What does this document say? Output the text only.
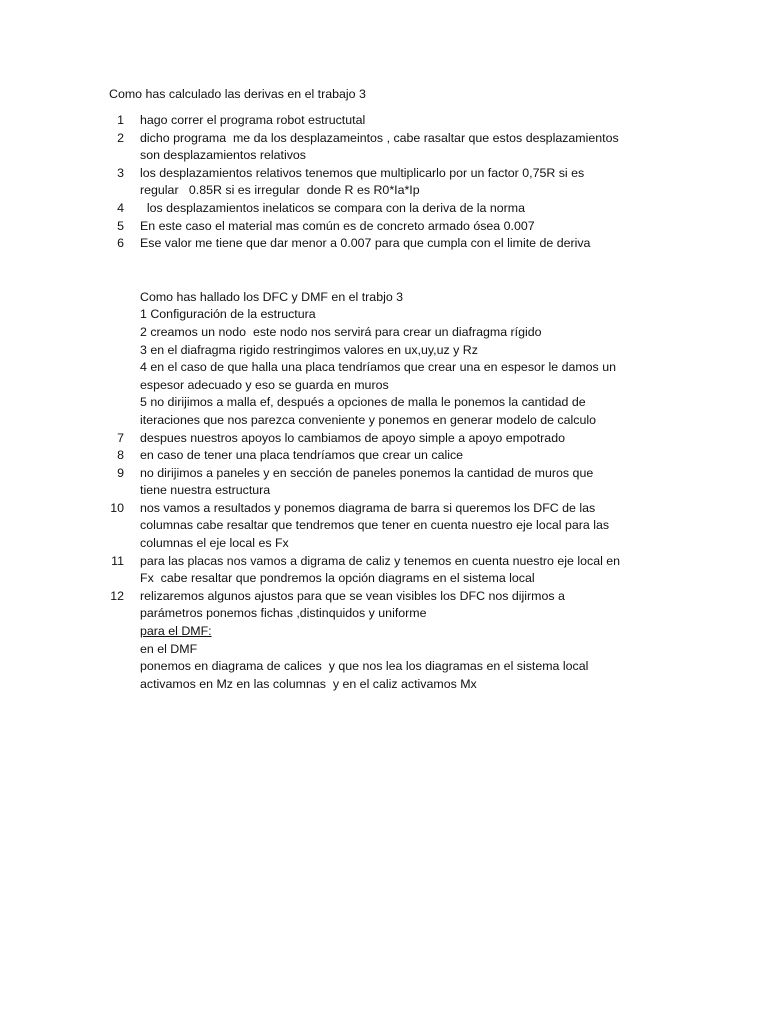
Como has calculado las derivas en el trabajo 3
1	hago correr el programa robot estructutal
2	dicho programa  me da los desplazameintos , cabe rasaltar que estos desplazamientos
son desplazamientos relativos
3	los desplazamientos relativos tenemos que multiplicarlo por un factor 0,75R si es
regular   0.85R si es irregular  donde R es R0*Ia*Ip
4	los desplazamientos inelaticos se compara con la deriva de la norma
5	En este caso el material mas común es de concreto armado ósea 0.007
6	Ese valor me tiene que dar menor a 0.007 para que cumpla con el limite de deriva
Como has hallado los DFC y DMF en el trabjo 3
1 Configuración de la estructura
2 creamos un nodo  este nodo nos servirá para crear un diafragma rígido
3 en el diafragma rigido restringimos valores en ux,uy,uz y Rz
4 en el caso de que halla una placa tendríamos que crear una en espesor le damos un
espesor adecuado y eso se guarda en muros
5 no dirijimos a malla ef, después a opciones de malla le ponemos la cantidad de
iteraciones que nos parezca conveniente y ponemos en generar modelo de calculo
7	despues nuestros apoyos lo cambiamos de apoyo simple a apoyo empotrado
8	en caso de tener una placa tendríamos que crear un calice
9	no dirijimos a paneles y en sección de paneles ponemos la cantidad de muros que
tiene nuestra estructura
10	nos vamos a resultados y ponemos diagrama de barra si queremos los DFC de las
columnas cabe resaltar que tendremos que tener en cuenta nuestro eje local para las
columnas el eje local es Fx
11	para las placas nos vamos a digrama de caliz y tenemos en cuenta nuestro eje local en
Fx  cabe resaltar que pondremos la opción diagrams en el sistema local
12	relizaremos algunos ajustos para que se vean visibles los DFC nos dijirmos a
parámetros ponemos fichas ,distinquidos y uniforme
para el DMF:
en el DMF
ponemos en diagrama de calices  y que nos lea los diagramas en el sistema local
activamos en Mz en las columnas  y en el caliz activamos Mx
